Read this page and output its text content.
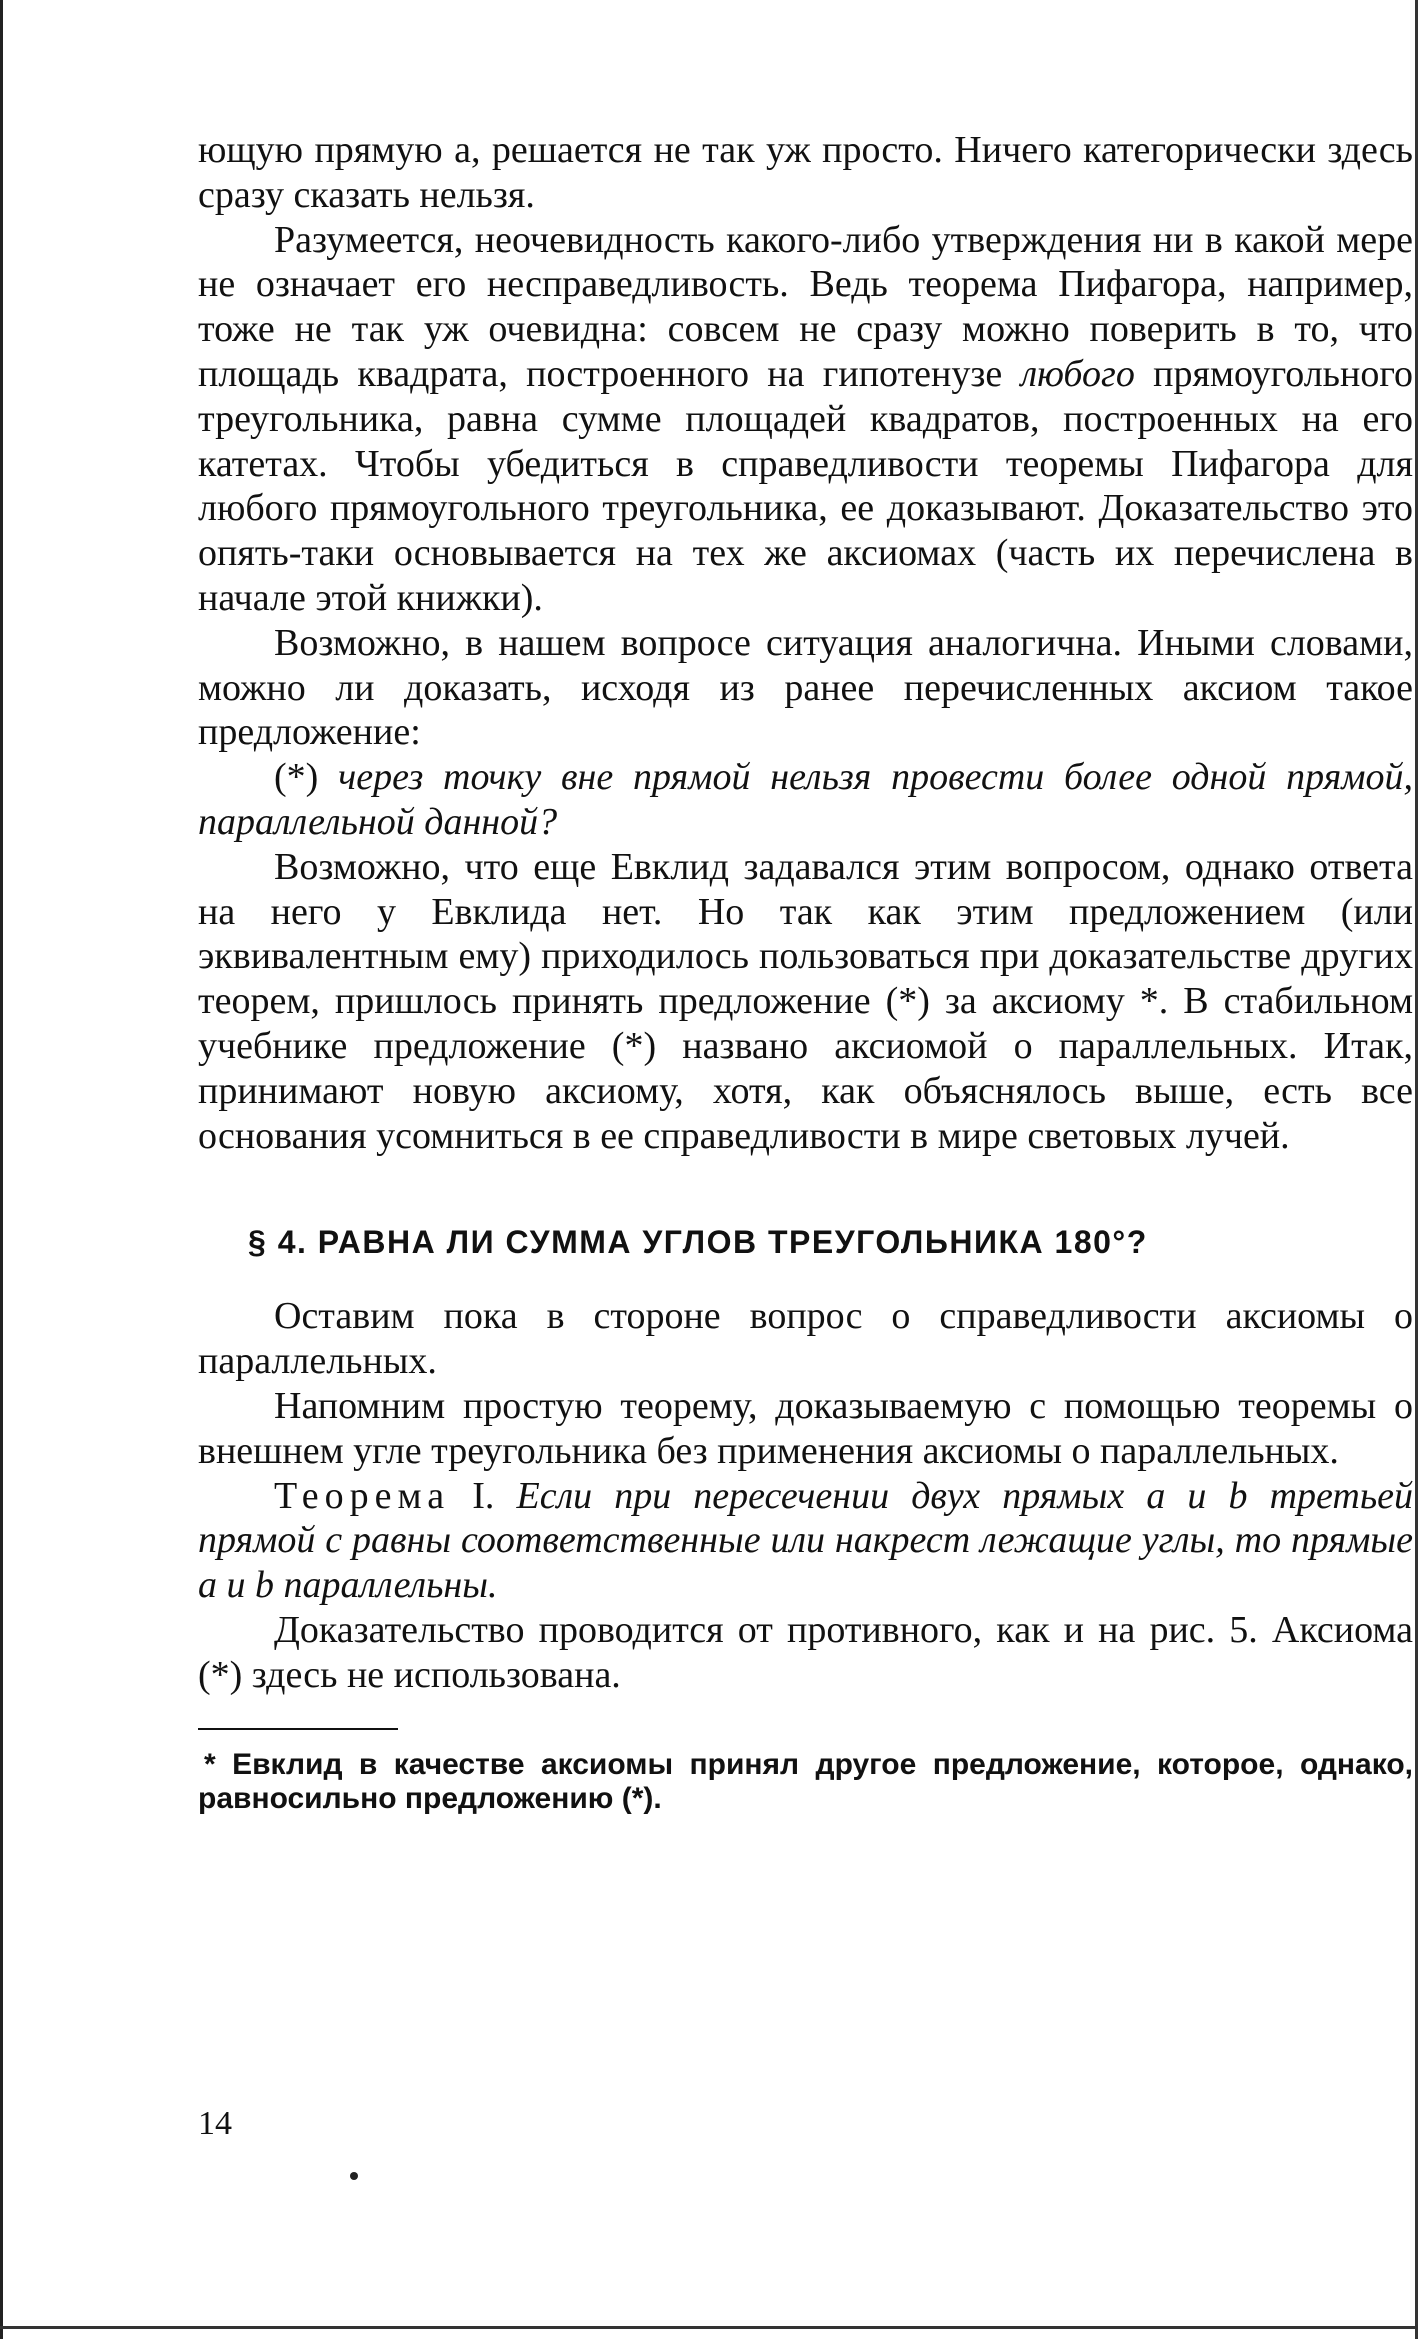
ющую прямую a, решается не так уж просто. Ничего категорически здесь сразу сказать нельзя.

Разумеется, неочевидность какого-либо утверждения ни в какой мере не означает его несправедливость. Ведь теорема Пифагора, например, тоже не так уж очевидна: совсем не сразу можно поверить в то, что площадь квадрата, построенного на гипотенузе любого прямоугольного треугольника, равна сумме площадей квадратов, построенных на его катетах. Чтобы убедиться в справедливости теоремы Пифагора для любого прямоугольного треугольника, ее доказывают. Доказательство это опять-таки основывается на тех же аксиомах (часть их перечислена в начале этой книжки).

Возможно, в нашем вопросе ситуация аналогична. Иными словами, можно ли доказать, исходя из ранее перечисленных аксиом такое предложение:

(*) через точку вне прямой нельзя провести более одной прямой, параллельной данной?

Возможно, что еще Евклид задавался этим вопросом, однако ответа на него у Евклида нет. Но так как этим предложением (или эквивалентным ему) приходилось пользоваться при доказательстве других теорем, пришлось принять предложение (*) за аксиому *. В стабильном учебнике предложение (*) названо аксиомой о параллельных. Итак, принимают новую аксиому, хотя, как объяснялось выше, есть все основания усомниться в ее справедливости в мире световых лучей.

§ 4. РАВНА ЛИ СУММА УГЛОВ ТРЕУГОЛЬНИКА 180°?

Оставим пока в стороне вопрос о справедливости аксиомы о параллельных.

Напомним простую теорему, доказываемую с помощью теоремы о внешнем угле треугольника без применения аксиомы о параллельных.

Теорема I. Если при пересечении двух прямых a и b третьей прямой с равны соответственные или накрест лежащие углы, то прямые a и b параллельны.

Доказательство проводится от противного, как и на рис. 5. Аксиома (*) здесь не использована.

* Евклид в качестве аксиомы принял другое предложение, которое, однако, равносильно предложению (*).

14
